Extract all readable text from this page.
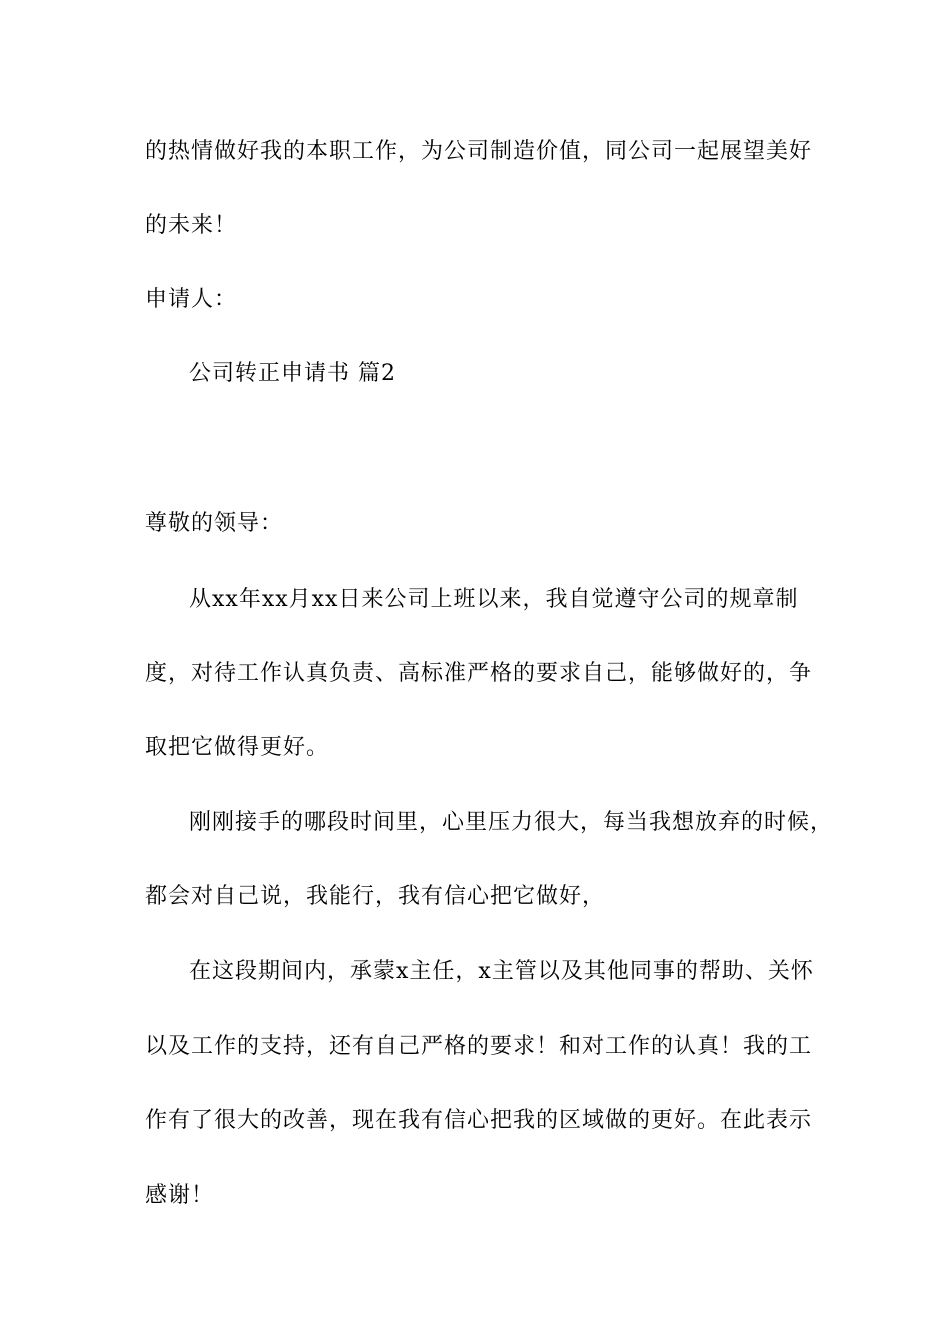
的热情做好我的本职工作，为公司制造价值，同公司一起展望美好
的未来！
申请人：
公司转正申请书 篇2
尊敬的领导：
从xx年xx月xx日来公司上班以来，我自觉遵守公司的规章制
度，对待工作认真负责、高标准严格的要求自己，能够做好的，争
取把它做得更好。
刚刚接手的哪段时间里，心里压力很大，每当我想放弃的时候，
都会对自己说，我能行，我有信心把它做好，
在这段期间内，承蒙x主任，x主管以及其他同事的帮助、关怀
以及工作的支持，还有自己严格的要求！和对工作的认真！我的工
作有了很大的改善，现在我有信心把我的区域做的更好。在此表示
感谢！
